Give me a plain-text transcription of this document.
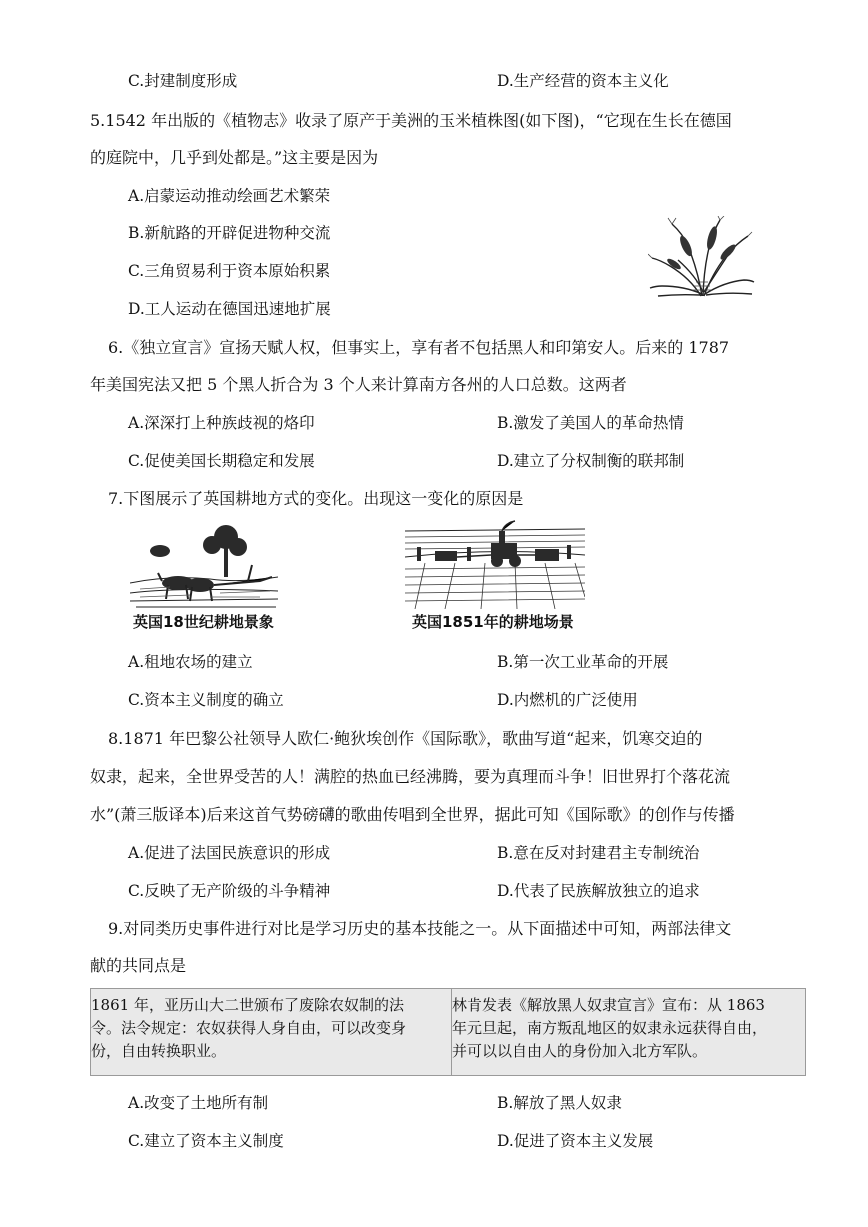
C.封建制度形成	D.生产经营的资本主义化
5.1542 年出版的《植物志》收录了原产于美洲的玉米植株图(如下图)，“它现在生长在德国
的庭院中，几乎到处都是。”这主要是因为
A.启蒙运动推动绘画艺术繁荣
B.新航路的开辟促进物种交流
C.三角贸易利于资本原始积累
D.工人运动在德国迅速地扩展
6.《独立宣言》宣扬天赋人权，但事实上，享有者不包括黑人和印第安人。后来的 1787
年美国宪法又把 5 个黑人折合为 3 个人来计算南方各州的人口总数。这两者
A.深深打上种族歧视的烙印	B.激发了美国人的革命热情
C.促使美国长期稳定和发展	D.建立了分权制衡的联邦制
7.下图展示了英国耕地方式的变化。出现这一变化的原因是
英国18世纪耕地景象	英国1851年的耕地场景
A.租地农场的建立	B.第一次工业革命的开展
C.资本主义制度的确立	D.内燃机的广泛使用
8.1871 年巴黎公社领导人欧仁·鲍狄埃创作《国际歌》，歌曲写道“起来，饥寒交迫的
奴隶，起来，全世界受苦的人！满腔的热血已经沸腾，要为真理而斗争！旧世界打个落花流
水”(萧三版译本)后来这首气势磅礴的歌曲传唱到全世界，据此可知《国际歌》的创作与传播
A.促进了法国民族意识的形成	B.意在反对封建君主专制统治
C.反映了无产阶级的斗争精神	D.代表了民族解放独立的追求
9.对同类历史事件进行对比是学习历史的基本技能之一。从下面描述中可知，两部法律文
献的共同点是
1861 年，亚历山大二世颁布了废除农奴制的法
令。法令规定：农奴获得人身自由，可以改变身
份，自由转换职业。

林肯发表《解放黑人奴隶宣言》宣布：从 1863
年元旦起，南方叛乱地区的奴隶永远获得自由，
并可以以自由人的身份加入北方军队。
A.改变了土地所有制	B.解放了黑人奴隶
C.建立了资本主义制度	D.促进了资本主义发展
